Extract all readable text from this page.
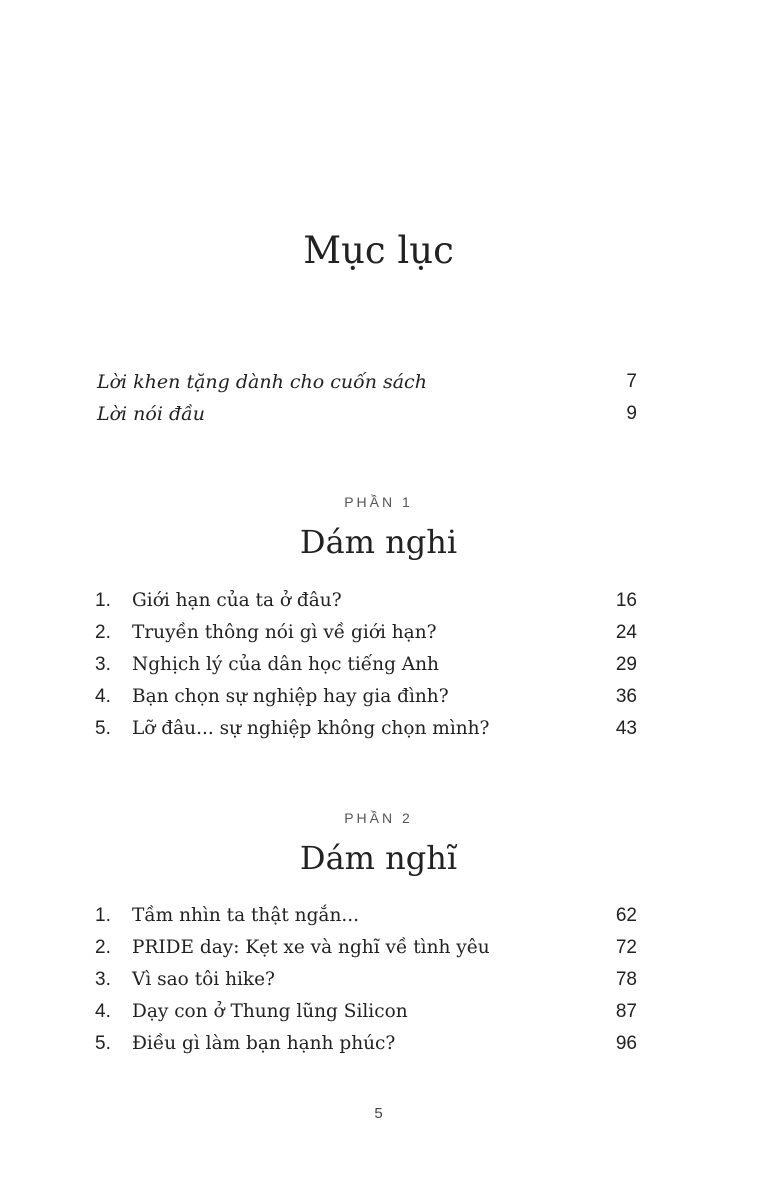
Mục lục
Lời khen tặng dành cho cuốn sách	7
Lời nói đầu	9
PHẦN 1
Dám nghi
1.	Giới hạn của ta ở đâu?	16
2.	Truyền thông nói gì về giới hạn?	24
3.	Nghịch lý của dân học tiếng Anh	29
4.	Bạn chọn sự nghiệp hay gia đình?	36
5.	Lỡ đâu... sự nghiệp không chọn mình?	43
PHẦN 2
Dám nghĩ
1.	Tầm nhìn ta thật ngắn...	62
2.	PRIDE day: Kẹt xe và nghĩ về tình yêu	72
3.	Vì sao tôi hike?	78
4.	Dạy con ở Thung lũng Silicon	87
5.	Điều gì làm bạn hạnh phúc?	96
5
